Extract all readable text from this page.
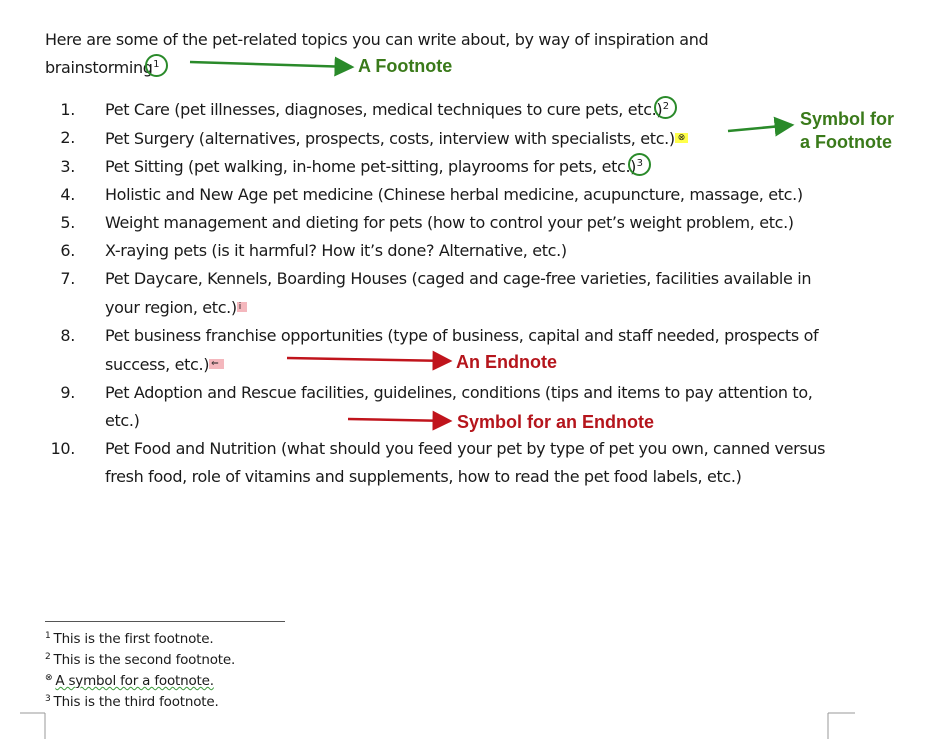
Here are some of the pet-related topics you can write about, by way of inspiration and
brainstorming1
1. Pet Care (pet illnesses, diagnoses, medical techniques to cure pets, etc.)2
2. Pet Surgery (alternatives, prospects, costs, interview with specialists, etc.) ⊗
3. Pet Sitting (pet walking, in-home pet-sitting, playrooms for pets, etc.)3
4. Holistic and New Age pet medicine (Chinese herbal medicine, acupuncture, massage, etc.)
5. Weight management and dieting for pets (how to control your pet’s weight problem, etc.)
6. X-raying pets (is it harmful? How it’s done? Alternative, etc.)
7. Pet Daycare, Kennels, Boarding Houses (caged and cage-free varieties, facilities available in your region, etc.) $^i$
8. Pet business franchise opportunities (type of business, capital and staff needed, prospects of success, etc.) ⇐
9. Pet Adoption and Rescue facilities, guidelines, conditions (tips and items to pay attention to, etc.)
10. Pet Food and Nutrition (what should you feed your pet by type of pet you own, canned versus fresh food, role of vitamins and supplements, how to read the pet food labels, etc.)
A Footnote
Symbol for
a Footnote
An Endnote
Symbol for an Endnote
$^1$ This is the first footnote.
$^2$ This is the second footnote.
⊗ A symbol for a footnote.
$^3$ This is the third footnote.
